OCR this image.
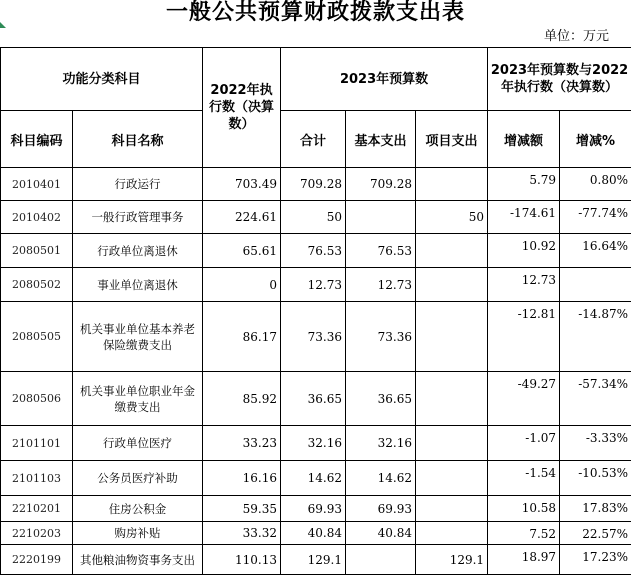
一般公共预算财政拨款支出表
单位：万元
功能分类科目		2022年执行数（决算数）	2023年预算数			2023年预算数与2022年执行数（决算数）	
科目编码	科目名称		合计	基本支出	项目支出	增减额	增减%
2010401	行政运行	703.49	709.28	709.28		5.79	0.80%
2010402	一般行政管理事务	224.61	50		50	-174.61	-77.74%
2080501	行政单位离退休	65.61	76.53	76.53		10.92	16.64%
2080502	事业单位离退休	0	12.73	12.73		12.73	
2080505	机关事业单位基本养老保险缴费支出	86.17	73.36	73.36		-12.81	-14.87%
2080506	机关事业单位职业年金缴费支出	85.92	36.65	36.65		-49.27	-57.34%
2101101	行政单位医疗	33.23	32.16	32.16		-1.07	-3.33%
2101103	公务员医疗补助	16.16	14.62	14.62		-1.54	-10.53%
2210201	住房公积金	59.35	69.93	69.93		10.58	17.83%
2210203	购房补贴	33.32	40.84	40.84		7.52	22.57%
2220199	其他粮油物资事务支出	110.13	129.1		129.1	18.97	17.23%
